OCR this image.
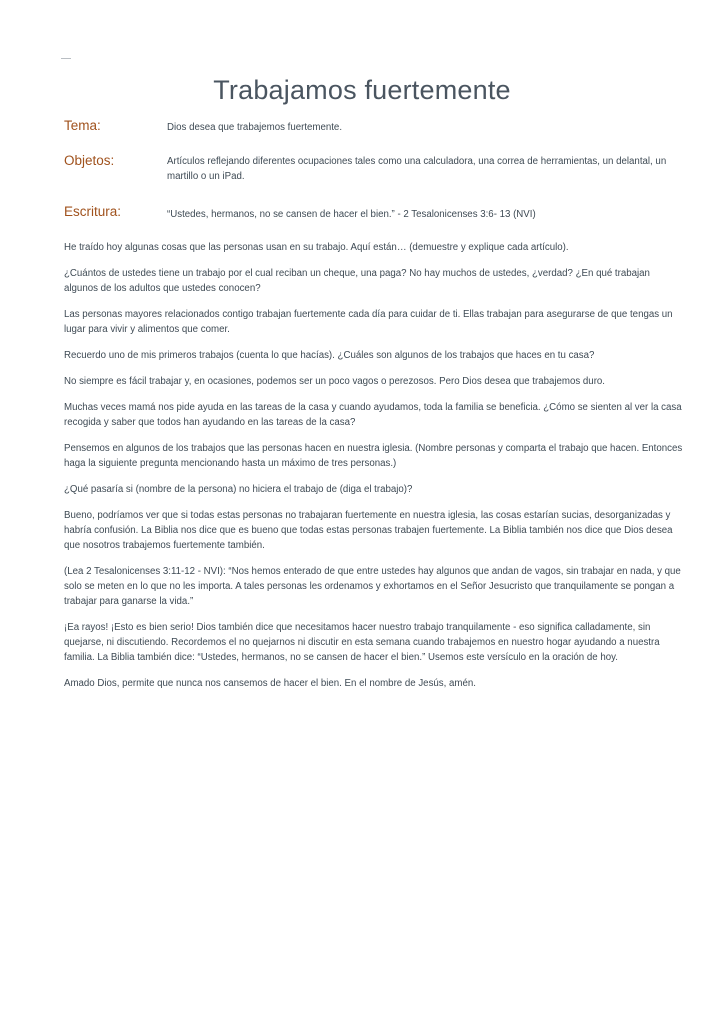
Trabajamos fuertemente
Tema:	Dios desea que trabajemos fuertemente.
Objetos:	Artículos reflejando diferentes ocupaciones tales como una calculadora, una correa de herramientas, un delantal, un martillo o un iPad.
Escritura:	“Ustedes, hermanos, no se cansen de hacer el bien.” - 2 Tesalonicenses 3:6- 13 (NVI)

He traído hoy algunas cosas que las personas usan en su trabajo. Aquí están… (demuestre y explique cada artículo).

¿Cuántos de ustedes tiene un trabajo por el cual reciban un cheque, una paga? No hay muchos de ustedes, ¿verdad? ¿En qué trabajan algunos de los adultos que ustedes conocen?

Las personas mayores relacionados contigo trabajan fuertemente cada día para cuidar de ti. Ellas trabajan para asegurarse de que tengas un lugar para vivir y alimentos que comer.

Recuerdo uno de mis primeros trabajos (cuenta lo que hacías). ¿Cuáles son algunos de los trabajos que haces en tu casa?

No siempre es fácil trabajar y, en ocasiones, podemos ser un poco vagos o perezosos. Pero Dios desea que trabajemos duro.

Muchas veces mamá nos pide ayuda en las tareas de la casa y cuando ayudamos, toda la familia se beneficia. ¿Cómo se sienten al ver la casa recogida y saber que todos han ayudando en las tareas de la casa?

Pensemos en algunos de los trabajos que las personas hacen en nuestra iglesia. (Nombre personas y comparta el trabajo que hacen. Entonces haga la siguiente pregunta mencionando hasta un máximo de tres personas.)

¿Qué pasaría si (nombre de la persona) no hiciera el trabajo de (diga el trabajo)?

Bueno, podríamos ver que si todas estas personas no trabajaran fuertemente en nuestra iglesia, las cosas estarían sucias, desorganizadas y habría confusión. La Biblia nos dice que es bueno que todas estas personas trabajen fuertemente. La Biblia también nos dice que Dios desea que nosotros trabajemos fuertemente también.

(Lea 2 Tesalonicenses 3:11-12 - NVI): “Nos hemos enterado de que entre ustedes hay algunos que andan de vagos, sin trabajar en nada, y que solo se meten en lo que no les importa. A tales personas les ordenamos y exhortamos en el Señor Jesucristo que tranquilamente se pongan a trabajar para ganarse la vida.”

¡Ea rayos! ¡Esto es bien serio! Dios también dice que necesitamos hacer nuestro trabajo tranquilamente - eso significa calladamente, sin quejarse, ni discutiendo. Recordemos el no quejarnos ni discutir en esta semana cuando trabajemos en nuestro hogar ayudando a nuestra familia. La Biblia también dice: “Ustedes, hermanos, no se cansen de hacer el bien.” Usemos este versículo en la oración de hoy.

Amado Dios, permite que nunca nos cansemos de hacer el bien. En el nombre de Jesús, amén.
